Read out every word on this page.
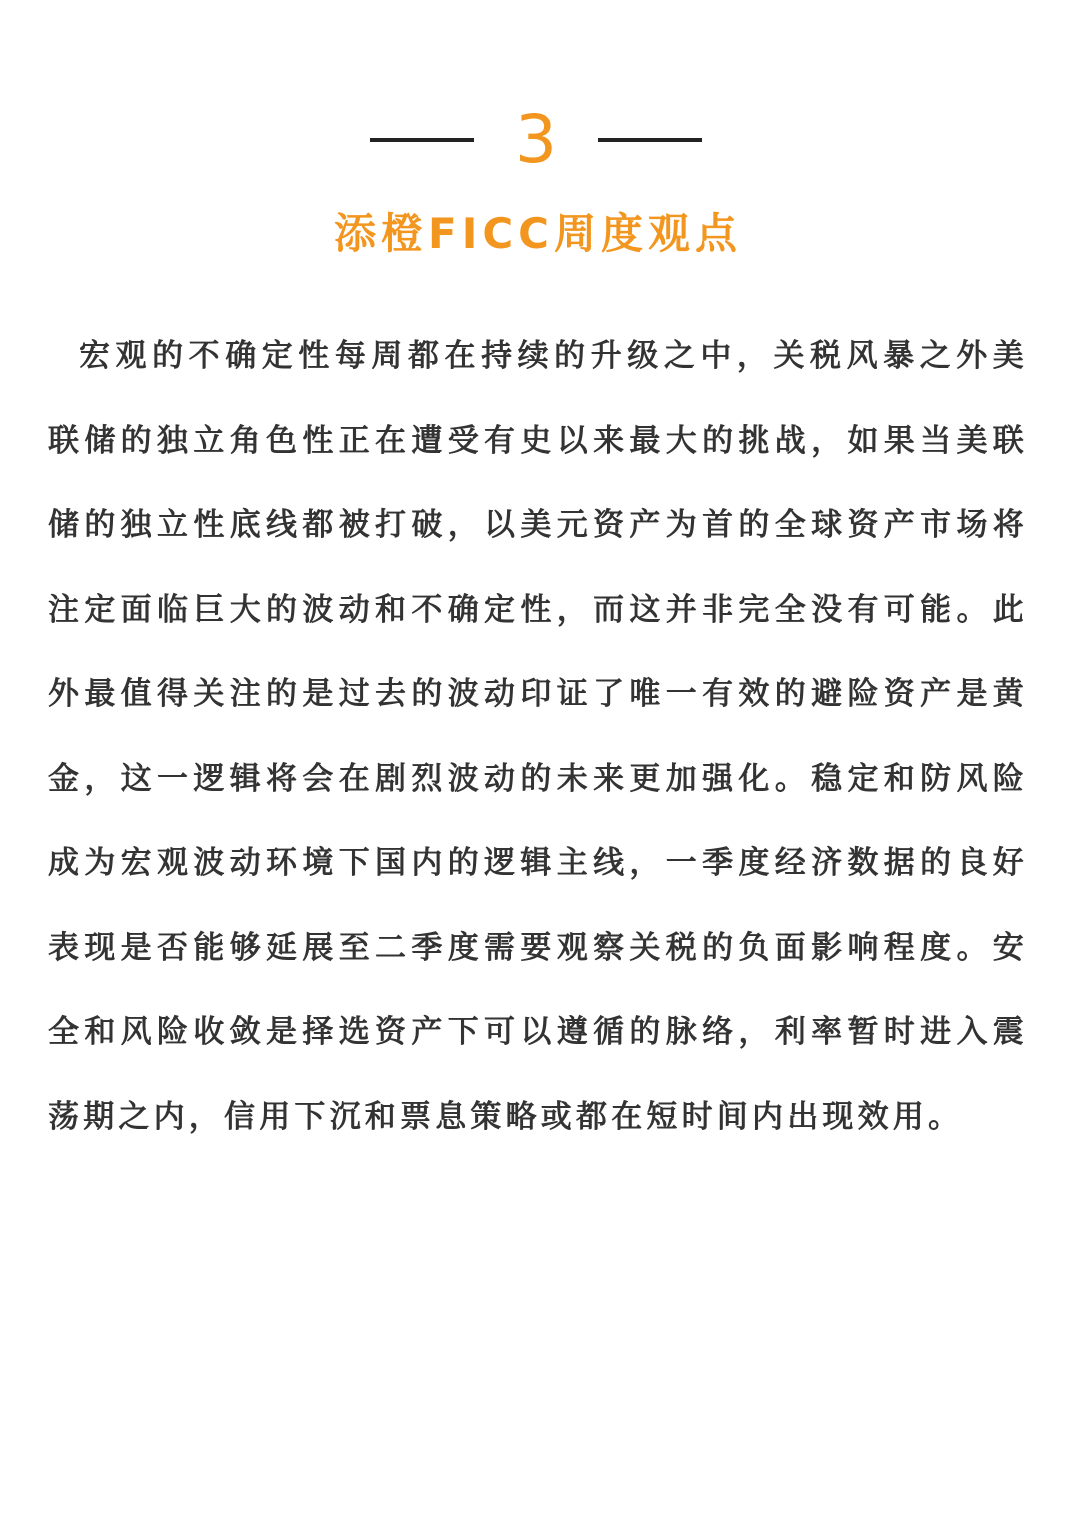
3
添橙FICC周度观点

宏观的不确定性每周都在持续的升级之中，关税风暴之外美联储的独立角色性正在遭受有史以来最大的挑战，如果当美联储的独立性底线都被打破，以美元资产为首的全球资产市场将注定面临巨大的波动和不确定性，而这并非完全没有可能。此外最值得关注的是过去的波动印证了唯一有效的避险资产是黄金，这一逻辑将会在剧烈波动的未来更加强化。稳定和防风险成为宏观波动环境下国内的逻辑主线，一季度经济数据的良好表现是否能够延展至二季度需要观察关税的负面影响程度。安全和风险收敛是择选资产下可以遵循的脉络，利率暂时进入震荡期之内，信用下沉和票息策略或都在短时间内出现效用。
